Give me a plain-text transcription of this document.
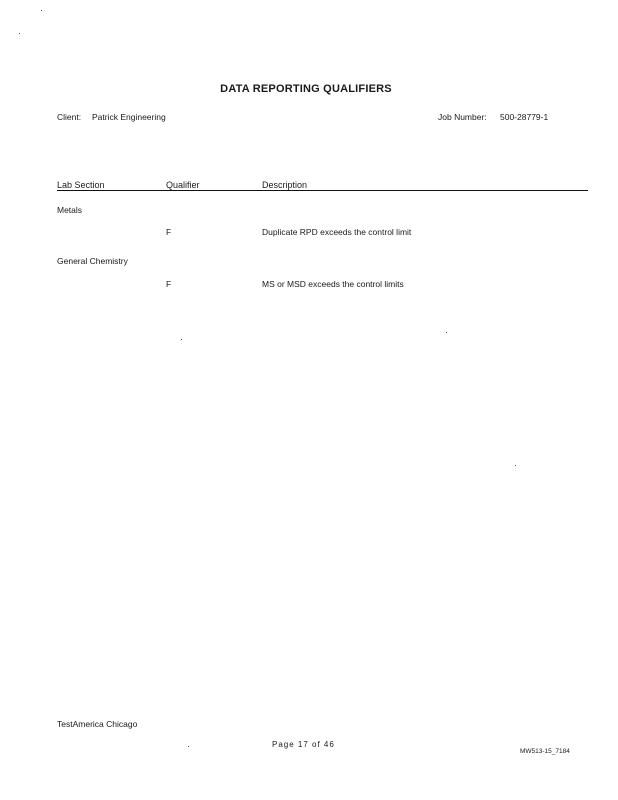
DATA REPORTING QUALIFIERS
Client: Patrick Engineering	Job Number: 500-28779-1
Lab Section	Qualifier	Description
Metals
F	Duplicate RPD exceeds the control limit
General Chemistry
F	MS or MSD exceeds the control limits
TestAmerica Chicago
Page 17 of 46
MW513-15_7184
